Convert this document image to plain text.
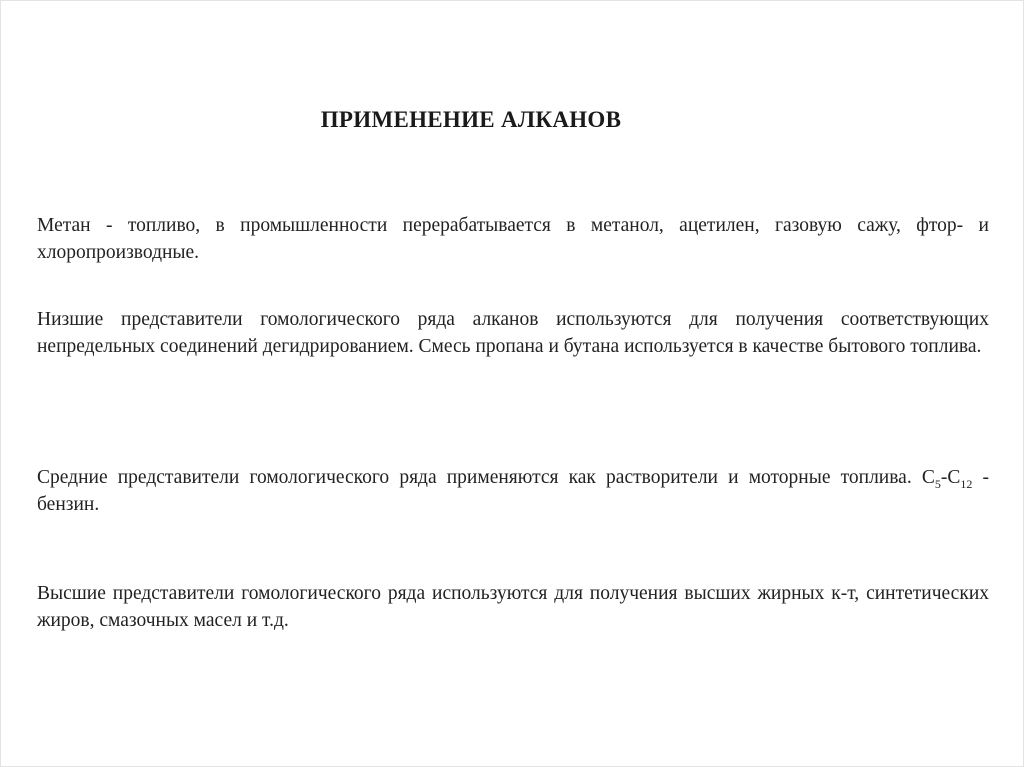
ПРИМЕНЕНИЕ АЛКАНОВ
Метан - топливо, в промышленности перерабатывается в метанол, ацетилен, газовую сажу, фтор- и хлоропроизводные.
Низшие представители гомологического ряда алканов используются для получения соответствующих непредельных соединений дегидрированием. Смесь пропана и бутана используется в качестве бытового топлива.
Средние представители гомологического ряда применяются как растворители и моторные топлива. $C_5-C_{12}$ - бензин.
Высшие представители гомологического ряда используются для получения высших жирных к-т, синтетических жиров, смазочных масел и т.д.
